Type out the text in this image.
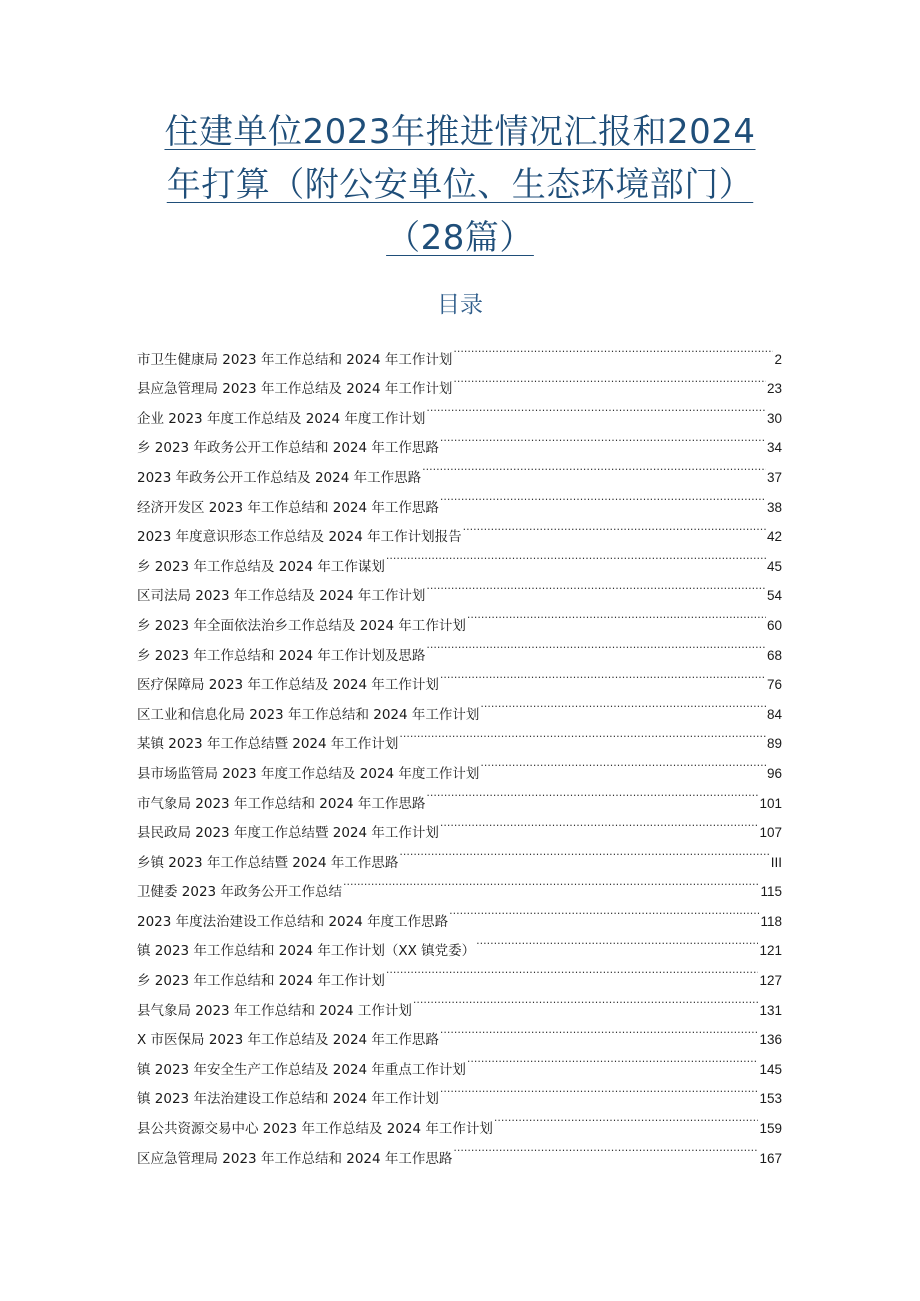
住建单位2023年推进情况汇报和2024年打算（附公安单位、生态环境部门）（28篇）
目录
市卫生健康局 2023 年工作总结和 2024 年工作计划 .....	2
县应急管理局 2023 年工作总结及 2024 年工作计划 .....	23
企业 2023 年度工作总结及 2024 年度工作计划 .....	30
乡 2023 年政务公开工作总结和 2024 年工作思路 .....	34
2023 年政务公开工作总结及 2024 年工作思路 .....	37
经济开发区 2023 年工作总结和 2024 年工作思路 .....	38
2023 年度意识形态工作总结及 2024 年工作计划报告 .....	42
乡 2023 年工作总结及 2024 年工作谋划 .....	45
区司法局 2023 年工作总结及 2024 年工作计划 .....	54
乡 2023 年全面依法治乡工作总结及 2024 年工作计划 .....	60
乡 2023 年工作总结和 2024 年工作计划及思路 .....	68
医疗保障局 2023 年工作总结及 2024 年工作计划 .....	76
区工业和信息化局 2023 年工作总结和 2024 年工作计划 .....	84
某镇 2023 年工作总结暨 2024 年工作计划 .....	89
县市场监管局 2023 年度工作总结及 2024 年度工作计划 .....	96
市气象局 2023 年工作总结和 2024 年工作思路 .....	101
县民政局 2023 年度工作总结暨 2024 年工作计划 .....	107
乡镇 2023 年工作总结暨 2024 年工作思路 .....	III
卫健委 2023 年政务公开工作总结 .....	115
2023 年度法治建设工作总结和 2024 年度工作思路 .....	118
镇 2023 年工作总结和 2024 年工作计划（XX 镇党委） .....	121
乡 2023 年工作总结和 2024 年工作计划 .....	127
县气象局 2023 年工作总结和 2024 工作计划 .....	131
X 市医保局 2023 年工作总结及 2024 年工作思路 .....	136
镇 2023 年安全生产工作总结及 2024 年重点工作计划 .....	145
镇 2023 年法治建设工作总结和 2024 年工作计划 .....	153
县公共资源交易中心 2023 年工作总结及 2024 年工作计划 .....	159
区应急管理局 2023 年工作总结和 2024 年工作思路 .....	167
